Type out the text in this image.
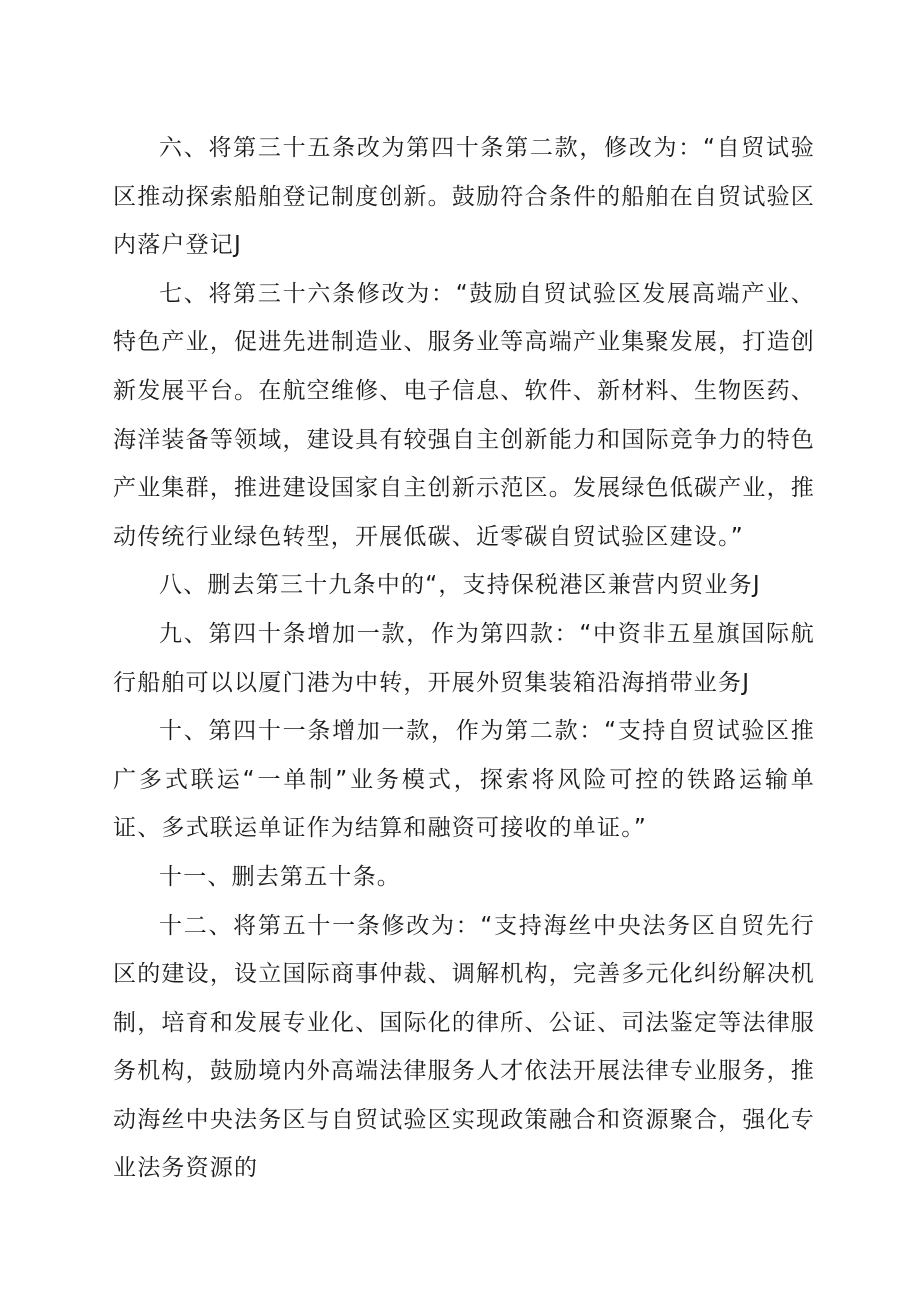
六、将第三十五条改为第四十条第二款，修改为：“自贸试验区推动探索船舶登记制度创新。鼓励符合条件的船舶在自贸试验区内落户登记J

七、将第三十六条修改为：“鼓励自贸试验区发展高端产业、特色产业，促进先进制造业、服务业等高端产业集聚发展，打造创新发展平台。在航空维修、电子信息、软件、新材料、生物医药、海洋装备等领域，建设具有较强自主创新能力和国际竞争力的特色产业集群，推进建设国家自主创新示范区。发展绿色低碳产业，推动传统行业绿色转型，开展低碳、近零碳自贸试验区建设。”

八、删去第三十九条中的“，支持保税港区兼营内贸业务J

九、第四十条增加一款，作为第四款：“中资非五星旗国际航行船舶可以以厦门港为中转，开展外贸集装箱沿海捎带业务J

十、第四十一条增加一款，作为第二款：“支持自贸试验区推广多式联运“一单制”业务模式，探索将风险可控的铁路运输单证、多式联运单证作为结算和融资可接收的单证。”

十一、删去第五十条。

十二、将第五十一条修改为：“支持海丝中央法务区自贸先行区的建设，设立国际商事仲裁、调解机构，完善多元化纠纷解决机制，培育和发展专业化、国际化的律所、公证、司法鉴定等法律服务机构，鼓励境内外高端法律服务人才依法开展法律专业服务，推动海丝中央法务区与自贸试验区实现政策融合和资源聚合，强化专业法务资源的
